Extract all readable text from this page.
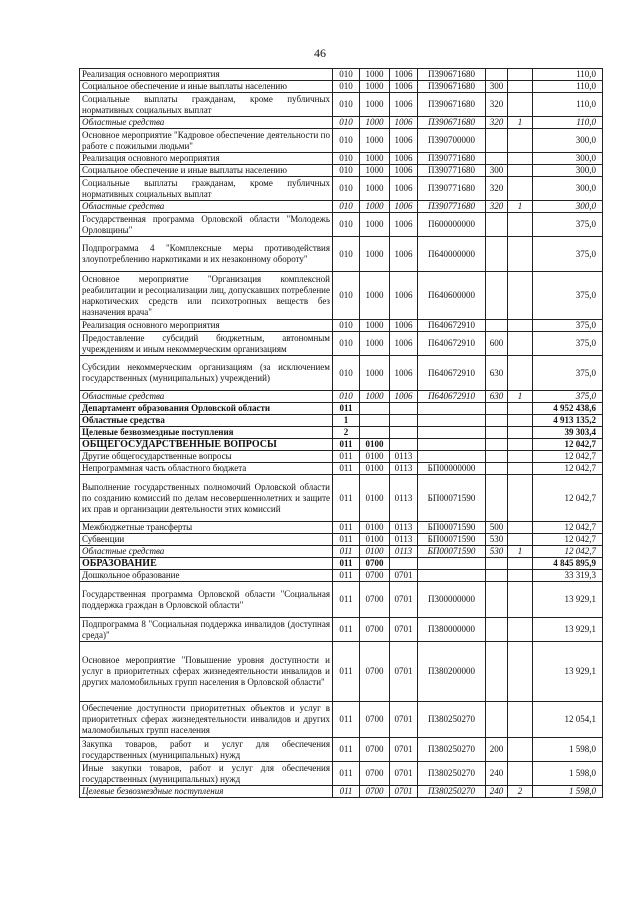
46
Реализация основного мероприятия	010	1000	1006	П390671680			110,0
Социальное обеспечение и иные выплаты населению	010	1000	1006	П390671680	300		110,0
Социальные выплаты гражданам, кроме публичных нормативных социальных выплат	010	1000	1006	П390671680	320		110,0
Областные средства	010	1000	1006	П390671680	320	1	110,0
Основное мероприятие "Кадровое обеспечение деятельности по работе с пожилыми людьми"	010	1000	1006	П390700000			300,0
Реализация основного мероприятия	010	1000	1006	П390771680			300,0
Социальное обеспечение и иные выплаты населению	010	1000	1006	П390771680	300		300,0
Социальные выплаты гражданам, кроме публичных нормативных социальных выплат	010	1000	1006	П390771680	320		300,0
Областные средства	010	1000	1006	П390771680	320	1	300,0
Государственная программа Орловской области "Молодежь Орловщины"	010	1000	1006	П600000000			375,0
Подпрограмма 4 "Комплексные меры противодействия злоупотреблению наркотиками и их незаконному обороту"	010	1000	1006	П640000000			375,0
Основное мероприятие "Организация комплексной реабилитации и ресоциализации лиц, допускавших потребление наркотических средств или психотропных веществ без назначения врача"	010	1000	1006	П640600000			375,0
Реализация основного мероприятия	010	1000	1006	П640672910			375,0
Предоставление субсидий бюджетным, автономным учреждениям и иным некоммерческим организациям	010	1000	1006	П640672910	600		375,0
Субсидии некоммерческим организациям (за исключением государственных (муниципальных) учреждений)	010	1000	1006	П640672910	630		375,0
Областные средства	010	1000	1006	П640672910	630	1	375,0
Департамент образования Орловской области	011						4 952 438,6
Областные средства	1						4 913 135,2
Целевые безвозмездные поступления	2						39 303,4
ОБЩЕГОСУДАРСТВЕННЫЕ ВОПРОСЫ	011	0100					12 042,7
Другие общегосударственные вопросы	011	0100	0113				12 042,7
Непрограммная часть областного бюджета	011	0100	0113	БП00000000			12 042,7
Выполнение государственных полномочий Орловской области по созданию комиссий по делам несовершеннолетних и защите их прав и организации деятельности этих комиссий	011	0100	0113	БП00071590			12 042,7
Межбюджетные трансферты	011	0100	0113	БП00071590	500		12 042,7
Субвенции	011	0100	0113	БП00071590	530		12 042,7
Областные средства	011	0100	0113	БП00071590	530	1	12 042,7
ОБРАЗОВАНИЕ	011	0700					4 845 895,9
Дошкольное образование	011	0700	0701				33 319,3
Государственная программа Орловской области "Социальная поддержка граждан в Орловской области"	011	0700	0701	П300000000			13 929,1
Подпрограмма 8 "Социальная поддержка инвалидов (доступная среда)"	011	0700	0701	П380000000			13 929,1
Основное мероприятие "Повышение уровня доступности и услуг в приоритетных сферах жизнедеятельности инвалидов и других маломобильных групп населения в Орловской области"	011	0700	0701	П380200000			13 929,1
Обеспечение доступности приоритетных объектов и услуг в приоритетных сферах жизнедеятельности инвалидов и других маломобильных групп населения	011	0700	0701	П380250270			12 054,1
Закупка товаров, работ и услуг для обеспечения государственных (муниципальных) нужд	011	0700	0701	П380250270	200		1 598,0
Иные закупки товаров, работ и услуг для обеспечения государственных (муниципальных) нужд	011	0700	0701	П380250270	240		1 598,0
Целевые безвозмездные поступления	011	0700	0701	П380250270	240	2	1 598,0
